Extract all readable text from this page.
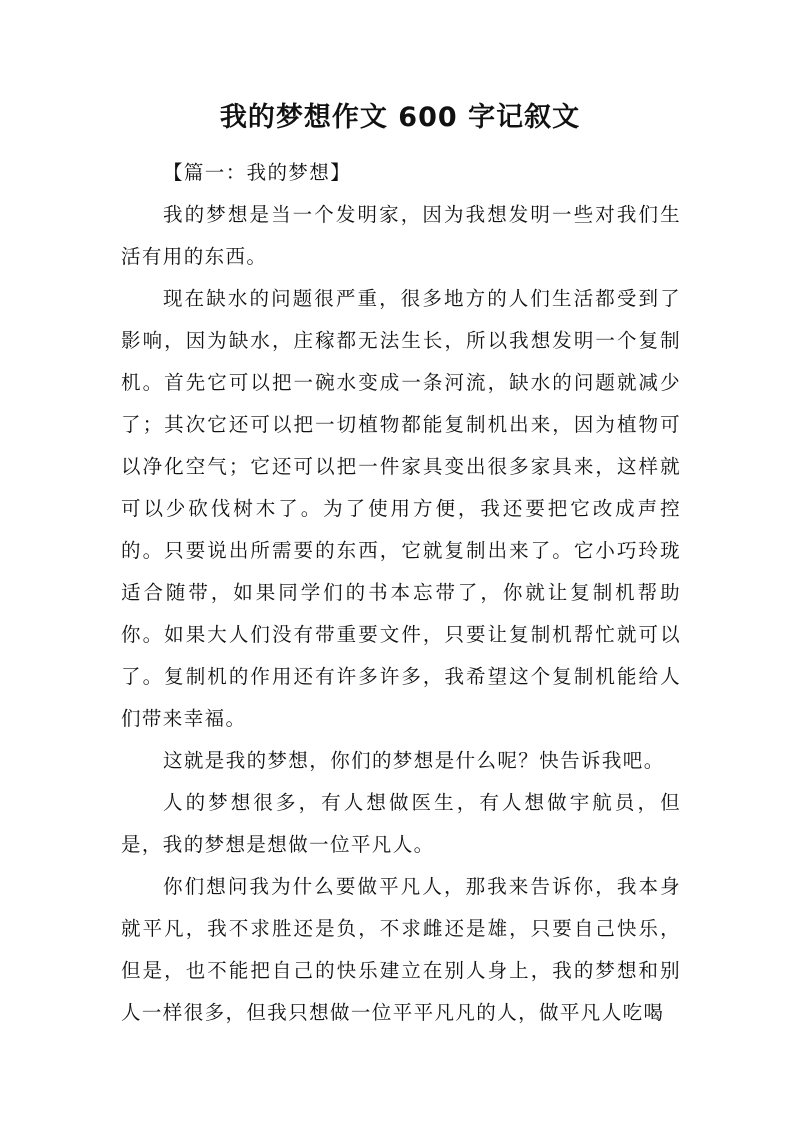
我的梦想作文 600 字记叙文

【篇一：我的梦想】

我的梦想是当一个发明家，因为我想发明一些对我们生活有用的东西。

现在缺水的问题很严重，很多地方的人们生活都受到了影响，因为缺水，庄稼都无法生长，所以我想发明一个复制机。首先它可以把一碗水变成一条河流，缺水的问题就减少了；其次它还可以把一切植物都能复制机出来，因为植物可以净化空气；它还可以把一件家具变出很多家具来，这样就可以少砍伐树木了。为了使用方便，我还要把它改成声控的。只要说出所需要的东西，它就复制出来了。它小巧玲珑适合随带，如果同学们的书本忘带了，你就让复制机帮助你。如果大人们没有带重要文件，只要让复制机帮忙就可以了。复制机的作用还有许多许多，我希望这个复制机能给人们带来幸福。

这就是我的梦想，你们的梦想是什么呢？快告诉我吧。

人的梦想很多，有人想做医生，有人想做宇航员，但是，我的梦想是想做一位平凡人。

你们想问我为什么要做平凡人，那我来告诉你，我本身就平凡，我不求胜还是负，不求雌还是雄，只要自己快乐，但是，也不能把自己的快乐建立在别人身上，我的梦想和别人一样很多，但我只想做一位平平凡凡的人，做平凡人吃喝
